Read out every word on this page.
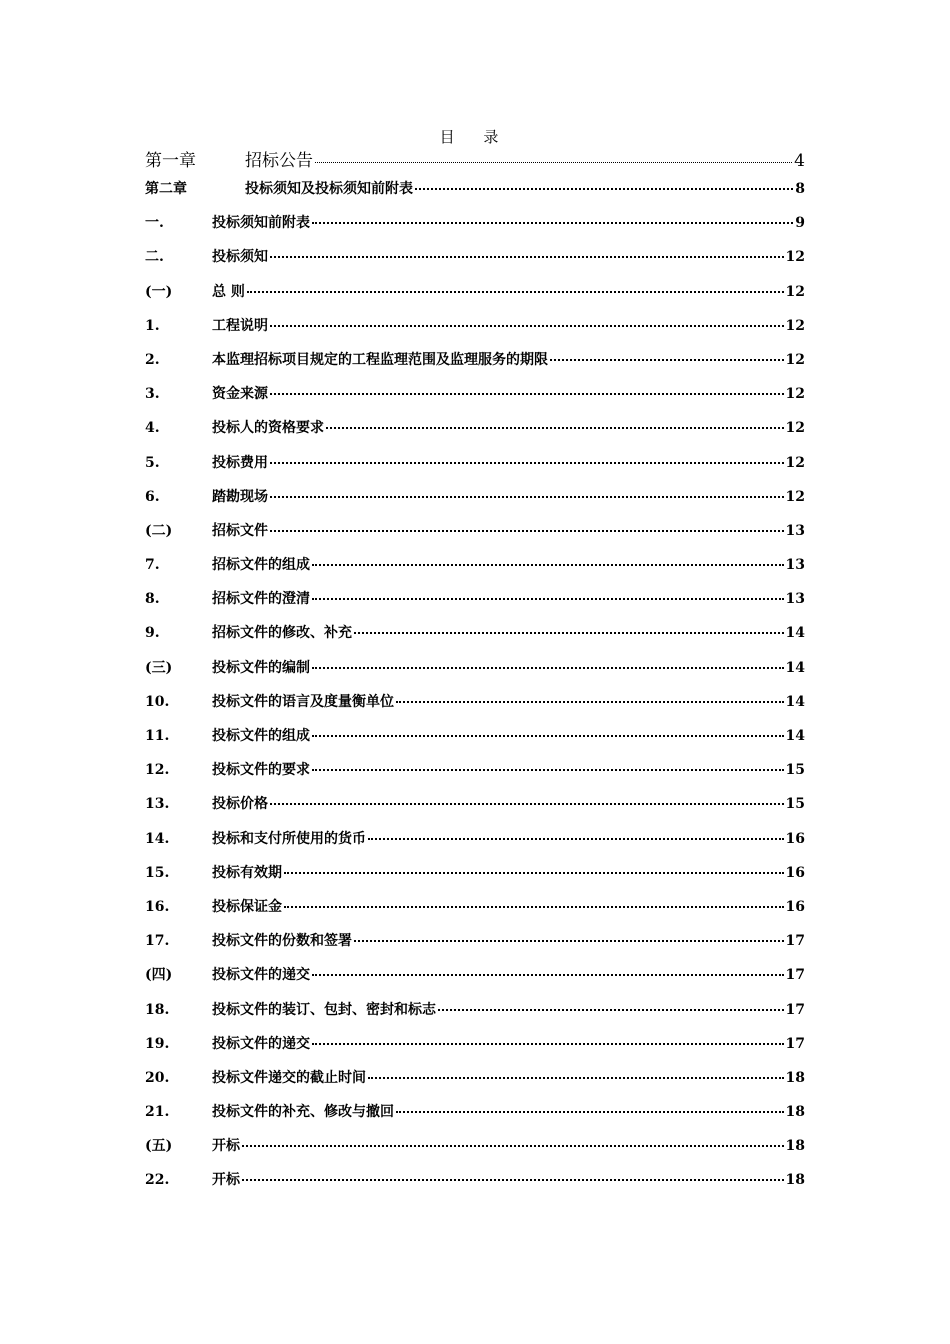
目 录
第一章	招标公告	4
第二章	投标须知及投标须知前附表	8
一.	投标须知前附表	9
二.	投标须知	12
(一)	总 则	12
1.	工程说明	12
2.	本监理招标项目规定的工程监理范围及监理服务的期限	12
3.	资金来源	12
4.	投标人的资格要求	12
5.	投标费用	12
6.	踏勘现场	12
(二)	招标文件	13
7.	招标文件的组成	13
8.	招标文件的澄清	13
9.	招标文件的修改、补充	14
(三)	投标文件的编制	14
10.	投标文件的语言及度量衡单位	14
11.	投标文件的组成	14
12.	投标文件的要求	15
13.	投标价格	15
14.	投标和支付所使用的货币	16
15.	投标有效期	16
16.	投标保证金	16
17.	投标文件的份数和签署	17
(四)	投标文件的递交	17
18.	投标文件的装订、包封、密封和标志	17
19.	投标文件的递交	17
20.	投标文件递交的截止时间	18
21.	投标文件的补充、修改与撤回	18
(五)	开标	18
22.	开标	18
